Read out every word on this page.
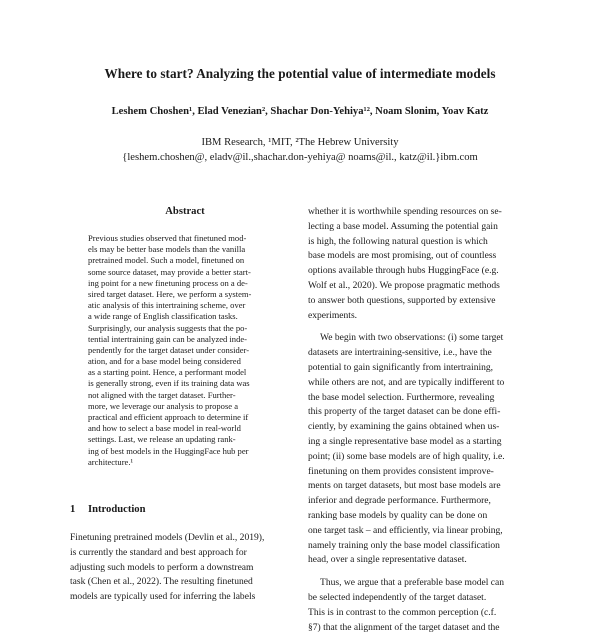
Where to start? Analyzing the potential value of intermediate models
Leshem Choshen¹, Elad Venezian², Shachar Don-Yehiya¹², Noam Slonim, Yoav Katz
IBM Research, ¹MIT, ²The Hebrew University
{leshem.choshen@, eladv@il.,shachar.don-yehiya@ noams@il., katz@il.}ibm.com
Abstract
Previous studies observed that finetuned mod-
els may be better base models than the vanilla
pretrained model. Such a model, finetuned on
some source dataset, may provide a better start-
ing point for a new finetuning process on a de-
sired target dataset. Here, we perform a system-
atic analysis of this intertraining scheme, over
a wide range of English classification tasks.
Surprisingly, our analysis suggests that the po-
tential intertraining gain can be analyzed inde-
pendently for the target dataset under consider-
ation, and for a base model being considered
as a starting point. Hence, a performant model
is generally strong, even if its training data was
not aligned with the target dataset. Further-
more, we leverage our analysis to propose a
practical and efficient approach to determine if
and how to select a base model in real-world
settings. Last, we release an updating rank-
ing of best models in the HuggingFace hub per
architecture.¹
1 Introduction
Finetuning pretrained models (Devlin et al., 2019),
is currently the standard and best approach for
adjusting such models to perform a downstream
task (Chen et al., 2022). The resulting finetuned
models are typically used for inferring the labels
whether it is worthwhile spending resources on se-
lecting a base model. Assuming the potential gain
is high, the following natural question is which
base models are most promising, out of countless
options available through hubs HuggingFace (e.g.
Wolf et al., 2020). We propose pragmatic methods
to answer both questions, supported by extensive
experiments.
We begin with two observations: (i) some target
datasets are intertraining-sensitive, i.e., have the
potential to gain significantly from intertraining,
while others are not, and are typically indifferent to
the base model selection. Furthermore, revealing
this property of the target dataset can be done effi-
ciently, by examining the gains obtained when us-
ing a single representative base model as a starting
point; (ii) some base models are of high quality, i.e.
finetuning on them provides consistent improve-
ments on target datasets, but most base models are
inferior and degrade performance. Furthermore,
ranking base models by quality can be done on
one target task – and efficiently, via linear probing,
namely training only the base model classification
head, over a single representative dataset.
Thus, we argue that a preferable base model can
be selected independently of the target dataset.
This is in contrast to the common perception (c.f.
§7) that the alignment of the target dataset and the
